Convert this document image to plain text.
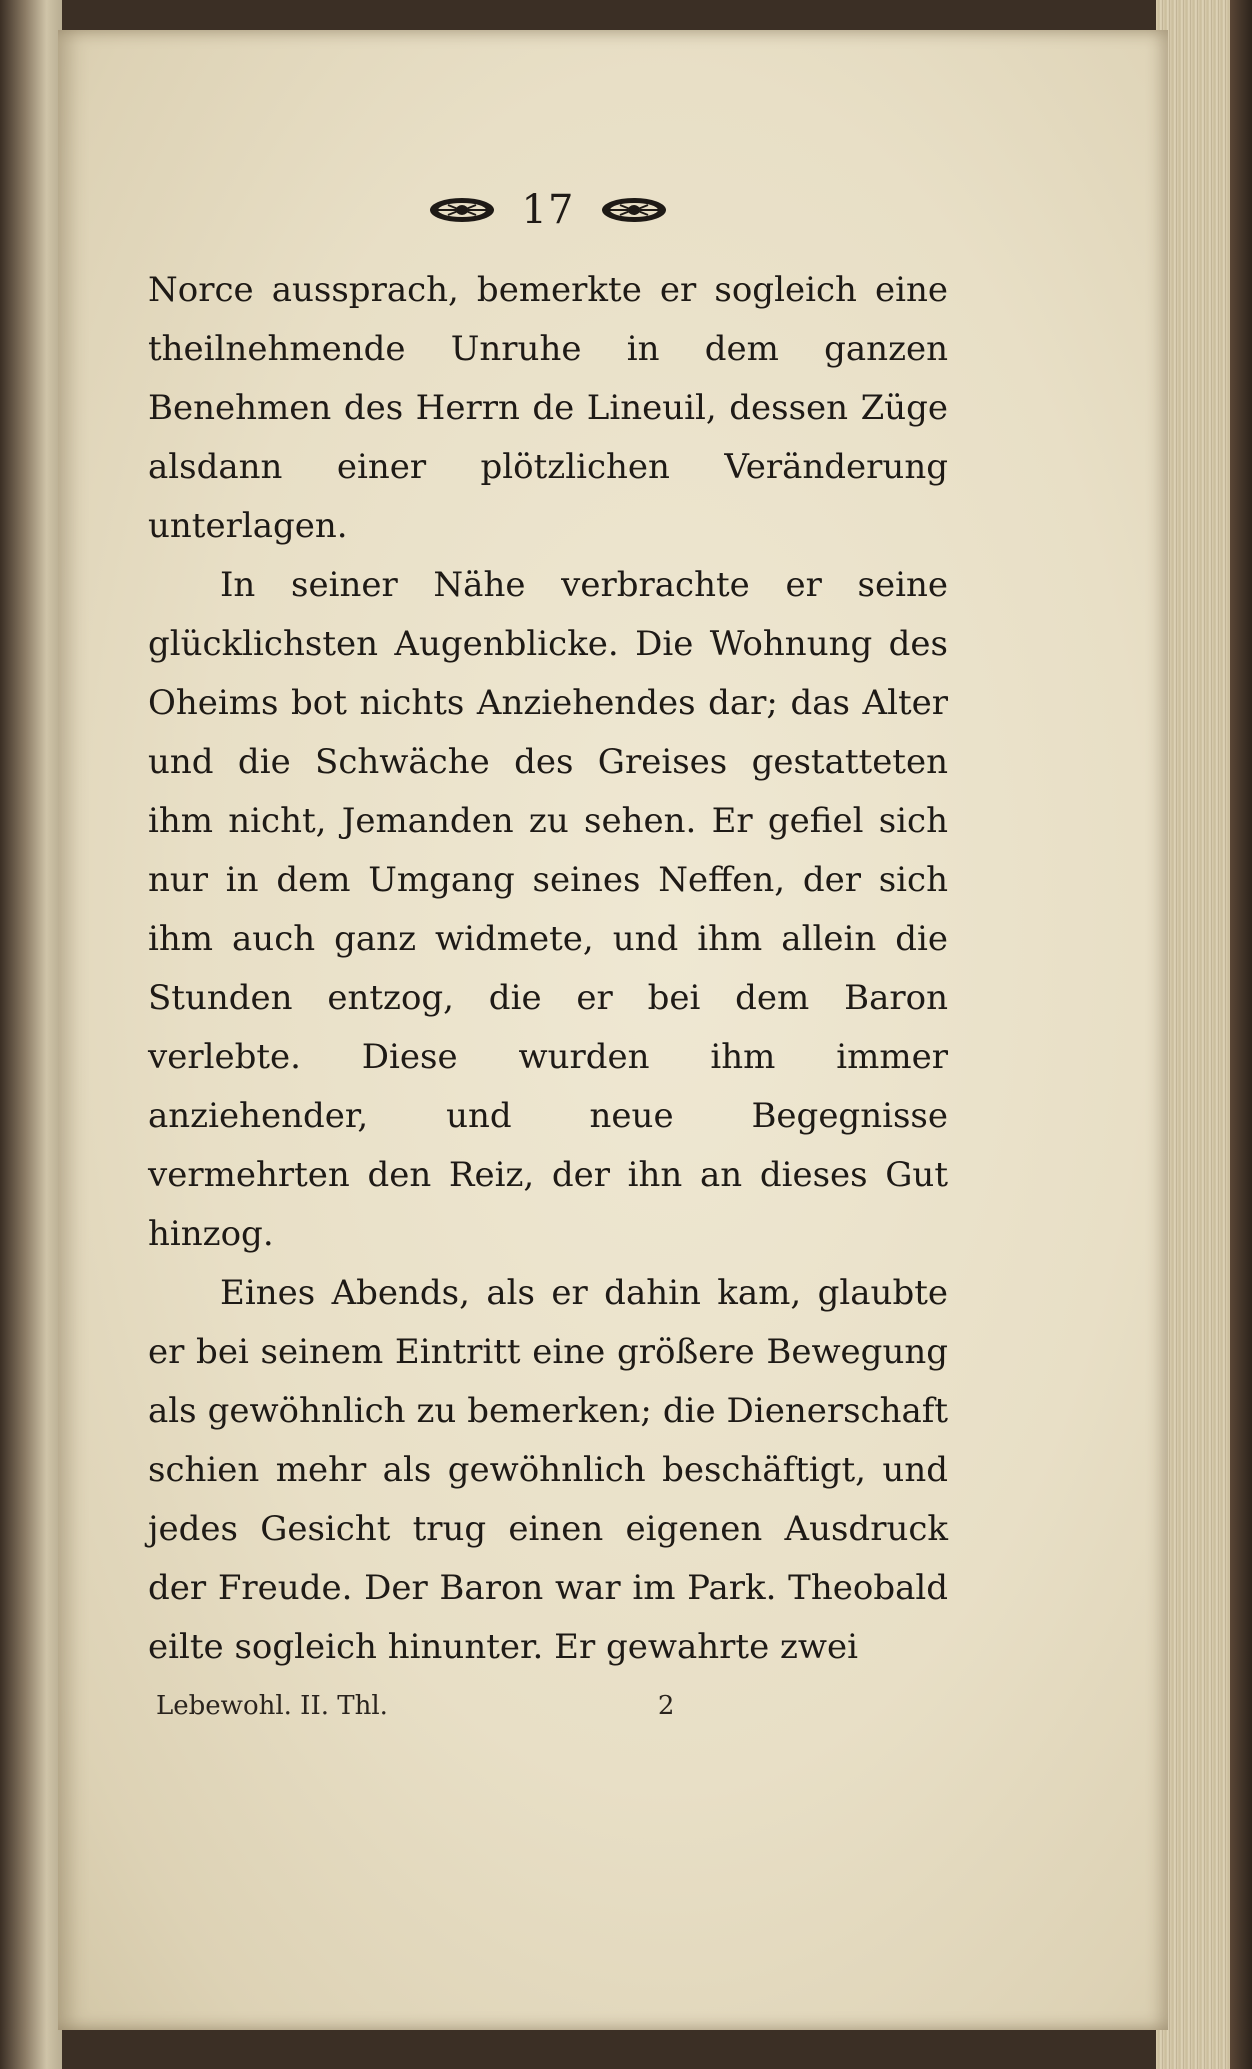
17

Norce aussprach, bemerkte er sogleich eine theilnehmende Unruhe in dem ganzen Benehmen des Herrn de Lineuil, dessen Züge alsdann einer plötzlichen Veränderung unterlagen.

In seiner Nähe verbrachte er seine glücklichsten Augenblicke. Die Wohnung des Oheims bot nichts Anziehendes dar; das Alter und die Schwäche des Greises gestatteten ihm nicht, Jemanden zu sehen. Er gefiel sich nur in dem Umgang seines Neffen, der sich ihm auch ganz widmete, und ihm allein die Stunden entzog, die er bei dem Baron verlebte. Diese wurden ihm immer anziehender, und neue Begegnisse vermehrten den Reiz, der ihn an dieses Gut hinzog.

Eines Abends, als er dahin kam, glaubte er bei seinem Eintritt eine größere Bewegung als gewöhnlich zu bemerken; die Dienerschaft schien mehr als gewöhnlich beschäftigt, und jedes Gesicht trug einen eigenen Ausdruck der Freude. Der Baron war im Park. Theobald eilte sogleich hinunter. Er gewahrte zwei

Lebewohl. II. Thl.	2
